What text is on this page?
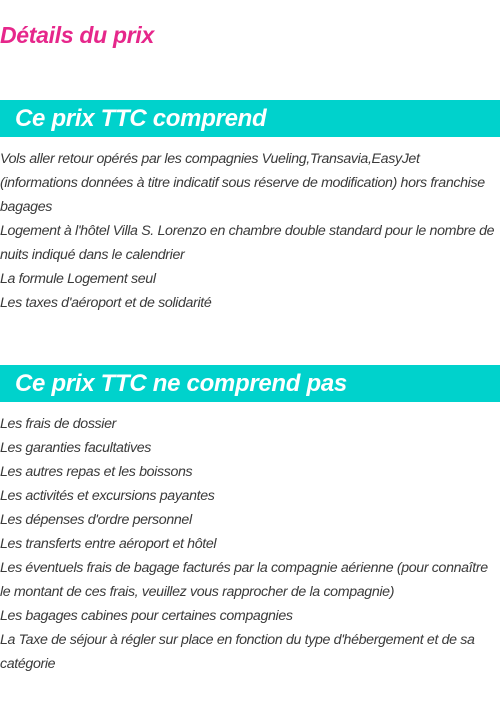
Détails du prix
Ce prix TTC comprend
Vols aller retour opérés par les compagnies Vueling,Transavia,EasyJet (informations données à titre indicatif sous réserve de modification) hors franchise bagages
Logement à l'hôtel Villa S. Lorenzo en chambre double standard pour le nombre de nuits indiqué dans le calendrier
La formule Logement seul
Les taxes d'aéroport et de solidarité
Ce prix TTC ne comprend pas
Les frais de dossier
Les garanties facultatives
Les autres repas et les boissons
Les activités et excursions payantes
Les dépenses d'ordre personnel
Les transferts entre aéroport et hôtel
Les éventuels frais de bagage facturés par la compagnie aérienne (pour connaître le montant de ces frais, veuillez vous rapprocher de la compagnie)
Les bagages cabines pour certaines compagnies
La Taxe de séjour à régler sur place en fonction du type d'hébergement et de sa catégorie
